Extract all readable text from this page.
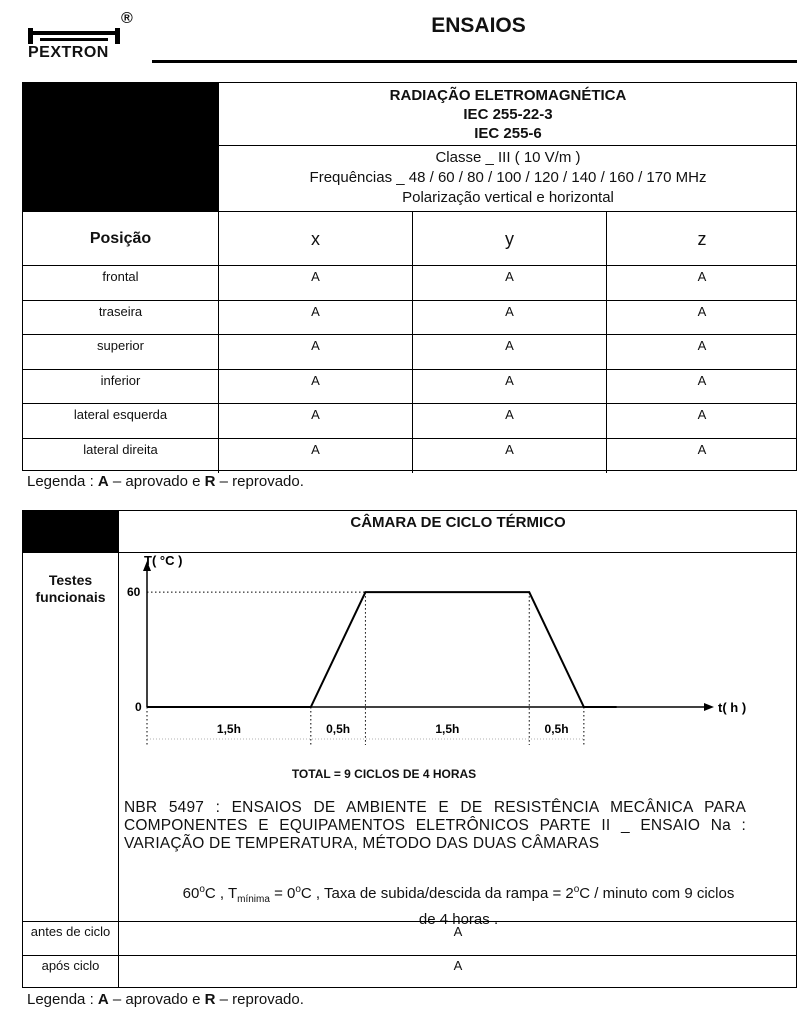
PEXTRON
®	ENSAIOS
RADIAÇÃO ELETROMAGNÉTICA
IEC 255-22-3
IEC 255-6
Classe _ III ( 10 V/m )
Frequências _ 48 / 60 / 80 / 100 / 120 / 140 / 160 / 170 MHz
Polarização vertical e horizontal
Posição	x	y	z
frontal	A	A	A
traseira	A	A	A
superior	A	A	A
inferior	A	A	A
lateral esquerda	A	A	A
lateral direita	A	A	A
Legenda : A – aprovado e R – reprovado.
CÂMARA DE CICLO TÉRMICO
Testes funcionais
T( °C )
t( h )
60
0
1,5h	0,5h	1,5h	0,5h
TOTAL = 9 CICLOS DE 4 HORAS
NBR 5497 : ENSAIOS DE AMBIENTE E DE RESISTÊNCIA MECÂNICA PARA COMPONENTES E EQUIPAMENTOS ELETRÔNICOS PARTE II _ ENSAIO Na : VARIAÇÃO DE TEMPERATURA, MÉTODO DAS DUAS CÂMARAS
60$^o$C , $T_{mínima} = 0^oC$ , Taxa de subida/descida da rampa = $2^oC$ / minuto com 9 ciclos
de 4 horas .
antes de ciclo	A
após ciclo	A
Legenda : A – aprovado e R – reprovado.
